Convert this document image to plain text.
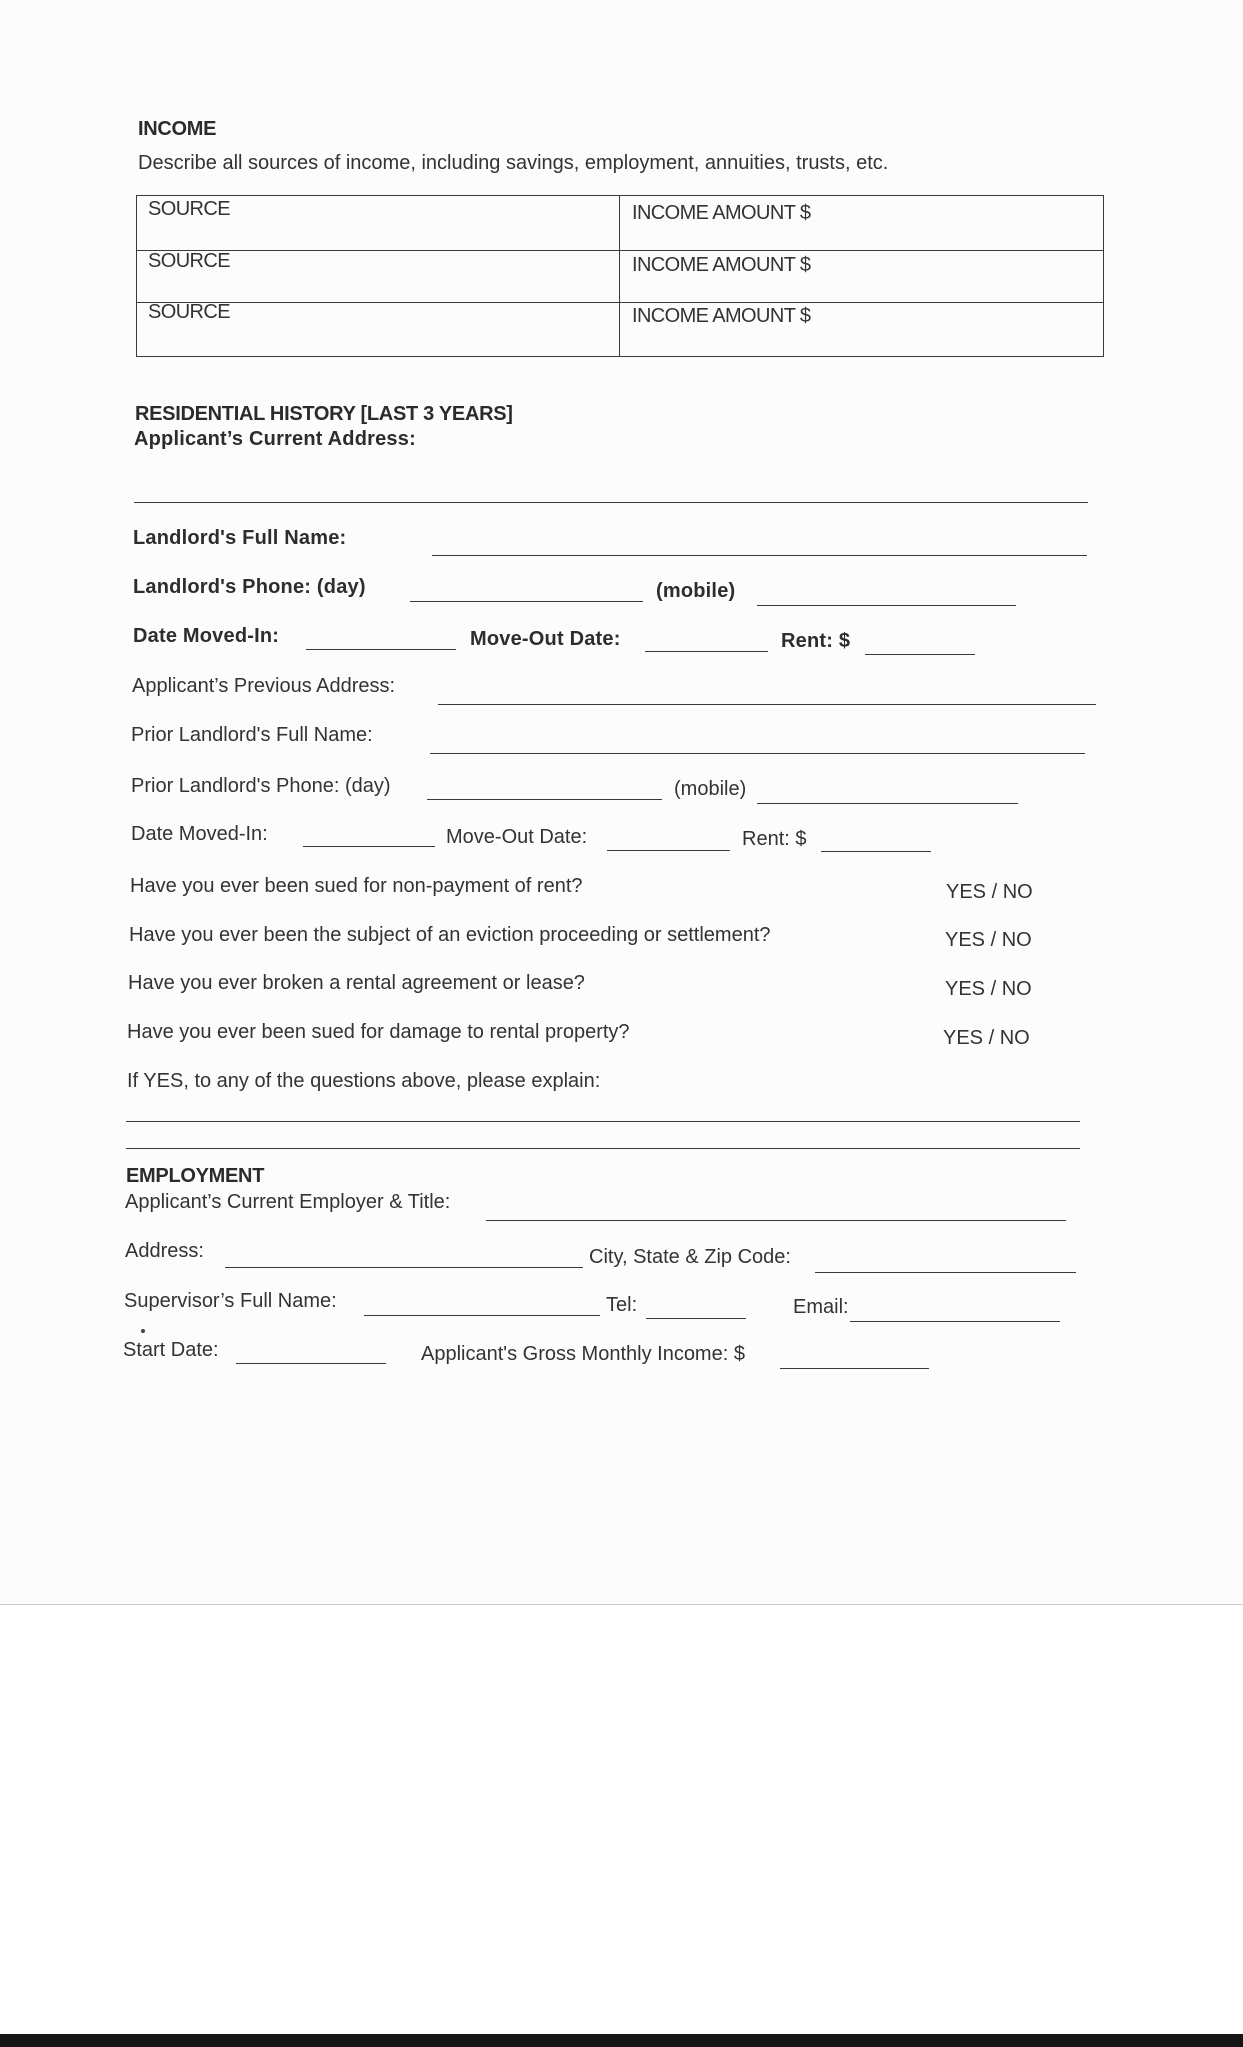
INCOME
Describe all sources of income, including savings, employment, annuities, trusts, etc.
SOURCE	INCOME AMOUNT $
SOURCE	INCOME AMOUNT $
SOURCE	INCOME AMOUNT $
RESIDENTIAL HISTORY [LAST 3 YEARS]
Applicant’s Current Address:
Landlord's Full Name:
Landlord's Phone: (day)	(mobile)
Date Moved-In:	Move-Out Date:	Rent: $
Applicant’s Previous Address:
Prior Landlord's Full Name:
Prior Landlord's Phone: (day)	(mobile)
Date Moved-In:	Move-Out Date:	Rent: $
Have you ever been sued for non-payment of rent?	YES / NO
Have you ever been the subject of an eviction proceeding or settlement?	YES / NO
Have you ever broken a rental agreement or lease?	YES / NO
Have you ever been sued for damage to rental property?	YES / NO
If YES, to any of the questions above, please explain:
EMPLOYMENT
Applicant’s Current Employer & Title:
Address:	City, State & Zip Code:
Supervisor’s Full Name:	Tel:	Email:
Start Date:	Applicant's Gross Monthly Income: $
